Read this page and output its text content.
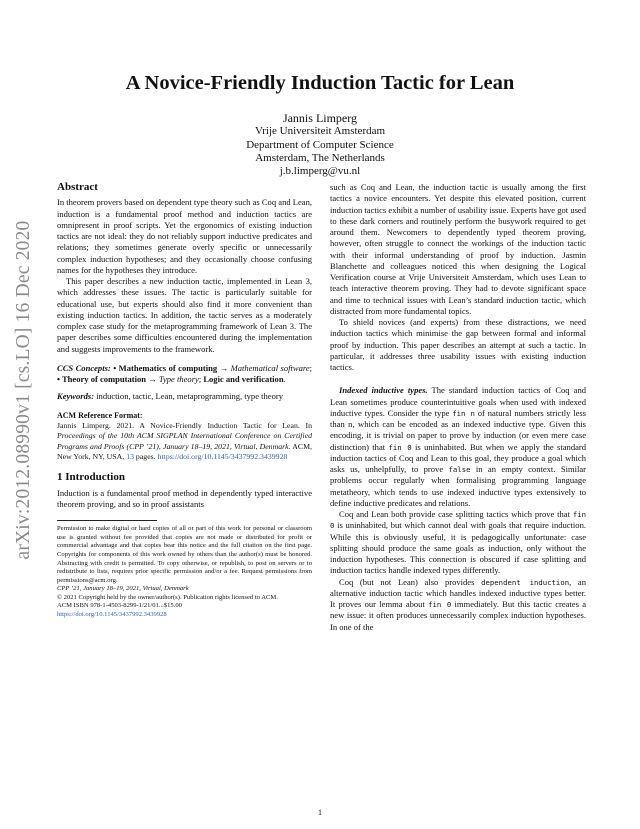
arXiv:2012.08990v1 [cs.LO] 16 Dec 2020
A Novice-Friendly Induction Tactic for Lean
Jannis Limperg
Vrije Universiteit Amsterdam
Department of Computer Science
Amsterdam, The Netherlands
j.b.limperg@vu.nl
Abstract

In theorem provers based on dependent type theory such as Coq and Lean, induction is a fundamental proof method and induction tactics are omnipresent in proof scripts. Yet the ergonomics of existing induction tactics are not ideal: they do not reliably support inductive predicates and relations; they sometimes generate overly specific or unnecessarily complex induction hypotheses; and they occasionally choose confusing names for the hypotheses they introduce.

This paper describes a new induction tactic, implemented in Lean 3, which addresses these issues. The tactic is particularly suitable for educational use, but experts should also find it more convenient than existing induction tactics. In addition, the tactic serves as a moderately complex case study for the metaprogramming framework of Lean 3. The paper describes some difficulties encountered during the implementation and suggests improvements to the framework.

CCS Concepts: • Mathematics of computing → Mathematical software; • Theory of computation → Type theory; Logic and verification.

Keywords: induction, tactic, Lean, metaprogramming, type theory

ACM Reference Format:

Jannis Limperg. 2021. A Novice-Friendly Induction Tactic for Lean. In Proceedings of the 10th ACM SIGPLAN International Conference on Certified Programs and Proofs (CPP ’21), January 18–19, 2021, Virtual, Denmark. ACM, New York, NY, USA, 13 pages. https://doi.org/10.1145/3437992.3439928

1 Introduction

Induction is a fundamental proof method in dependently typed interactive theorem proving, and so in proof assistants

Permission to make digital or hard copies of all or part of this work for personal or classroom use is granted without fee provided that copies are not made or distributed for profit or commercial advantage and that copies bear this notice and the full citation on the first page. Copyrights for components of this work owned by others than the author(s) must be honored. Abstracting with credit is permitted. To copy otherwise, or republish, to post on servers or to redistribute to lists, requires prior specific permission and/or a fee. Request permissions from permissions@acm.org.

CPP ’21, January 18–19, 2021, Virtual, Denmark

© 2021 Copyright held by the owner/author(s). Publication rights licensed to ACM.

ACM ISBN 978-1-4503-8299-1/21/01...$15.00

https://doi.org/10.1145/3437992.3439928

such as Coq and Lean, the induction tactic is usually among the first tactics a novice encounters. Yet despite this elevated position, current induction tactics exhibit a number of usability issue. Experts have got used to these dark corners and routinely perform the busywork required to get around them. Newcomers to dependently typed theorem proving, however, often struggle to connect the workings of the induction tactic with their informal understanding of proof by induction. Jasmin Blanchette and colleagues noticed this when designing the Logical Verification course at Vrije Universiteit Amsterdam, which uses Lean to teach interactive theorem proving. They had to devote significant space and time to technical issues with Lean’s standard induction tactic, which distracted from more fundamental topics.

To shield novices (and experts) from these distractions, we need induction tactics which minimise the gap between formal and informal proof by induction. This paper describes an attempt at such a tactic. In particular, it addresses three usability issues with existing induction tactics.

Indexed inductive types. The standard induction tactics of Coq and Lean sometimes produce counterintuitive goals when used with indexed inductive types. Consider the type fin n of natural numbers strictly less than n, which can be encoded as an indexed inductive type. Given this encoding, it is trivial on paper to prove by induction (or even mere case distinction) that fin 0 is uninhabited. But when we apply the standard induction tactics of Coq and Lean to this goal, they produce a goal which asks us, unhelpfully, to prove false in an empty context. Similar problems occur regularly when formalising programming language metatheory, which tends to use indexed inductive types extensively to define inductive predicates and relations.

Coq and Lean both provide case splitting tactics which prove that fin 0 is uninhabited, but which cannot deal with goals that require induction. While this is obviously useful, it is pedagogically unfortunate: case splitting should produce the same goals as induction, only without the induction hypotheses. This connection is obscured if case splitting and induction tactics handle indexed types differently.

Coq (but not Lean) also provides dependent induction, an alternative induction tactic which handles indexed inductive types better. It proves our lemma about fin 0 immediately. But this tactic creates a new issue: it often produces unnecessarily complex induction hypotheses. In one of the

1
